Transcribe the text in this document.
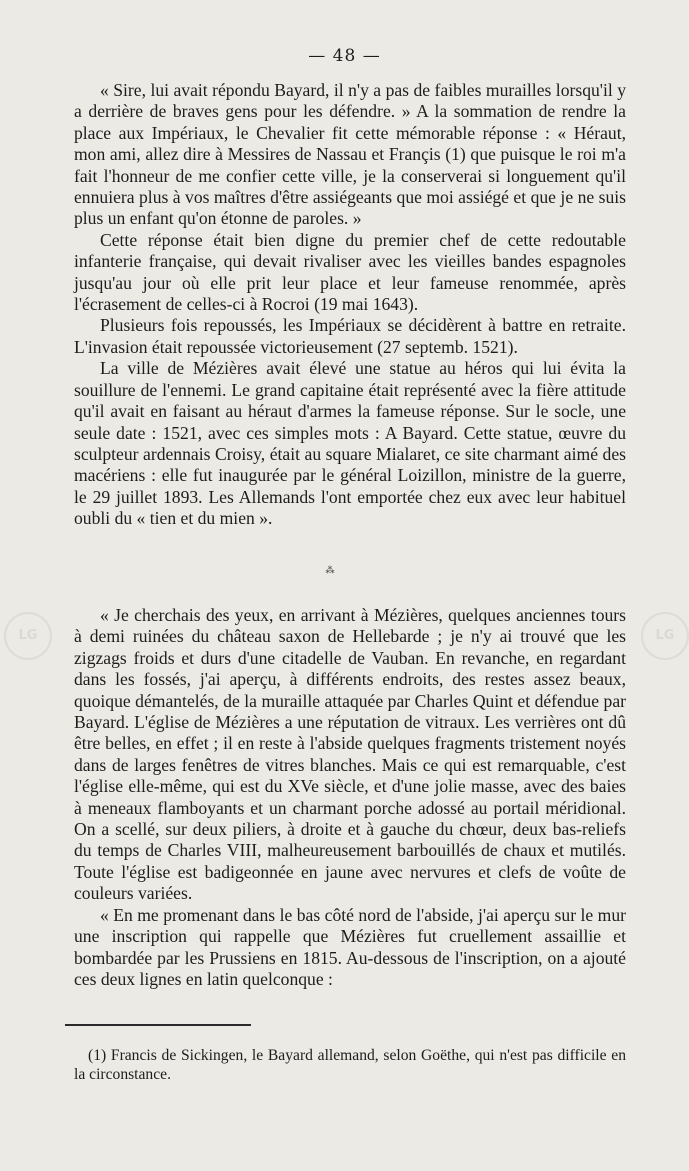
LG	LG
— 48 —

« Sire, lui avait répondu Bayard, il n'y a pas de faibles murailles lorsqu'il y a derrière de braves gens pour les défendre. » A la sommation de rendre la place aux Impériaux, le Chevalier fit cette mémorable réponse : « Héraut, mon ami, allez dire à Messires de Nassau et Françis (1) que puisque le roi m'a fait l'honneur de me confier cette ville, je la conserverai si longuement qu'il ennuiera plus à vos maîtres d'être assiégeants que moi assiégé et que je ne suis plus un enfant qu'on étonne de paroles. »

Cette réponse était bien digne du premier chef de cette redoutable infanterie française, qui devait rivaliser avec les vieilles bandes espagnoles jusqu'au jour où elle prit leur place et leur fameuse renommée, après l'écrasement de celles-ci à Rocroi (19 mai 1643).

Plusieurs fois repoussés, les Impériaux se décidèrent à battre en retraite. L'invasion était repoussée victorieusement (27 septemb. 1521).

La ville de Mézières avait élevé une statue au héros qui lui évita la souillure de l'ennemi. Le grand capitaine était représenté avec la fière attitude qu'il avait en faisant au héraut d'armes la fameuse réponse. Sur le socle, une seule date : 1521, avec ces simples mots : A Bayard. Cette statue, œuvre du sculpteur ardennais Croisy, était au square Mialaret, ce site charmant aimé des macériens : elle fut inaugurée par le général Loizillon, ministre de la guerre, le 29 juillet 1893. Les Allemands l'ont emportée chez eux avec leur habituel oubli du « tien et du mien ».

⁂

« Je cherchais des yeux, en arrivant à Mézières, quelques anciennes tours à demi ruinées du château saxon de Hellebarde ; je n'y ai trouvé que les zigzags froids et durs d'une citadelle de Vauban. En revanche, en regardant dans les fossés, j'ai aperçu, à différents endroits, des restes assez beaux, quoique démantelés, de la muraille attaquée par Charles Quint et défendue par Bayard. L'église de Mézières a une réputation de vitraux. Les verrières ont dû être belles, en effet ; il en reste à l'abside quelques fragments tristement noyés dans de larges fenêtres de vitres blanches. Mais ce qui est remarquable, c'est l'église elle-même, qui est du XVe siècle, et d'une jolie masse, avec des baies à meneaux flamboyants et un charmant porche adossé au portail méridional. On a scellé, sur deux piliers, à droite et à gauche du chœur, deux bas-reliefs du temps de Charles VIII, malheureusement barbouillés de chaux et mutilés. Toute l'église est badigeonnée en jaune avec nervures et clefs de voûte de couleurs variées.

« En me promenant dans le bas côté nord de l'abside, j'ai aperçu sur le mur une inscription qui rappelle que Mézières fut cruellement assaillie et bombardée par les Prussiens en 1815. Au-dessous de l'inscription, on a ajouté ces deux lignes en latin quelconque :

(1) Francis de Sickingen, le Bayard allemand, selon Goëthe, qui n'est pas difficile en la circonstance.
